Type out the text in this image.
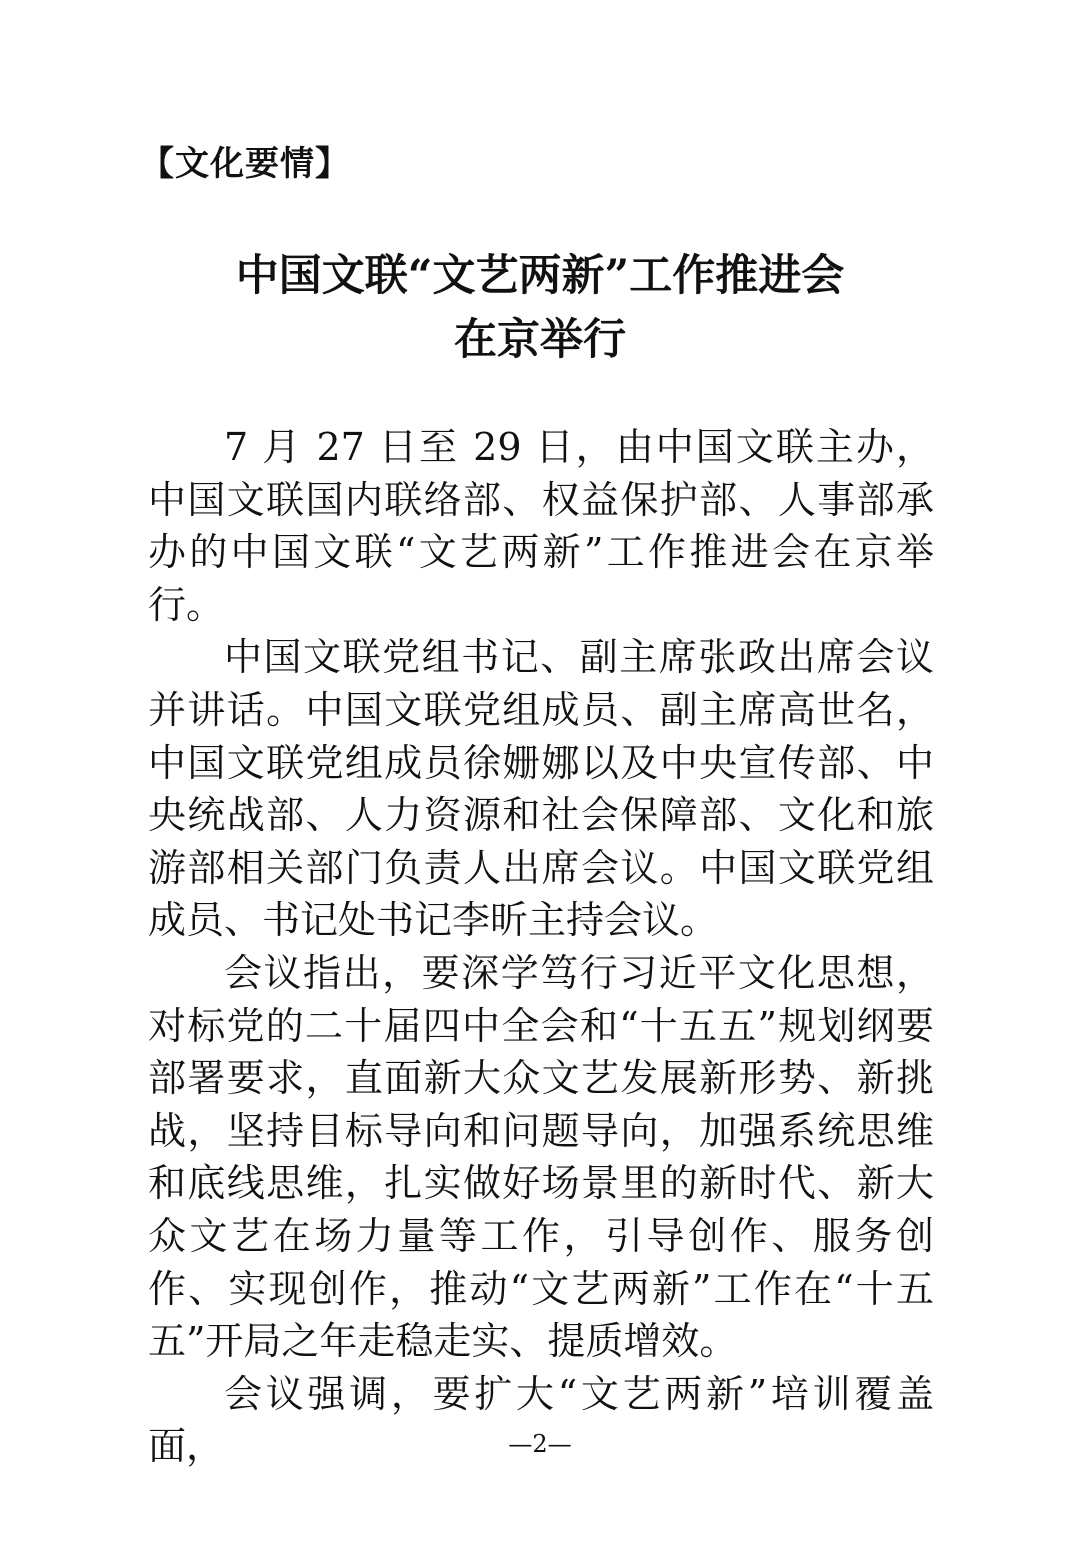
【文化要情】
中国文联“文艺两新”工作推进会
在京举行

7 月 27 日至 29 日，由中国文联主办，中国文联国内联络部、权益保护部、人事部承办的中国文联“文艺两新”工作推进会在京举行。

中国文联党组书记、副主席张政出席会议并讲话。中国文联党组成员、副主席高世名，中国文联党组成员徐姗娜以及中央宣传部、中央统战部、人力资源和社会保障部、文化和旅游部相关部门负责人出席会议。中国文联党组成员、书记处书记李昕主持会议。

会议指出，要深学笃行习近平文化思想，对标党的二十届四中全会和“十五五”规划纲要部署要求，直面新大众文艺发展新形势、新挑战，坚持目标导向和问题导向，加强系统思维和底线思维，扎实做好场景里的新时代、新大众文艺在场力量等工作，引导创作、服务创作、实现创作，推动“文艺两新”工作在“十五五”开局之年走稳走实、提质增效。

会议强调，要扩大“文艺两新”培训覆盖面，	—2—
